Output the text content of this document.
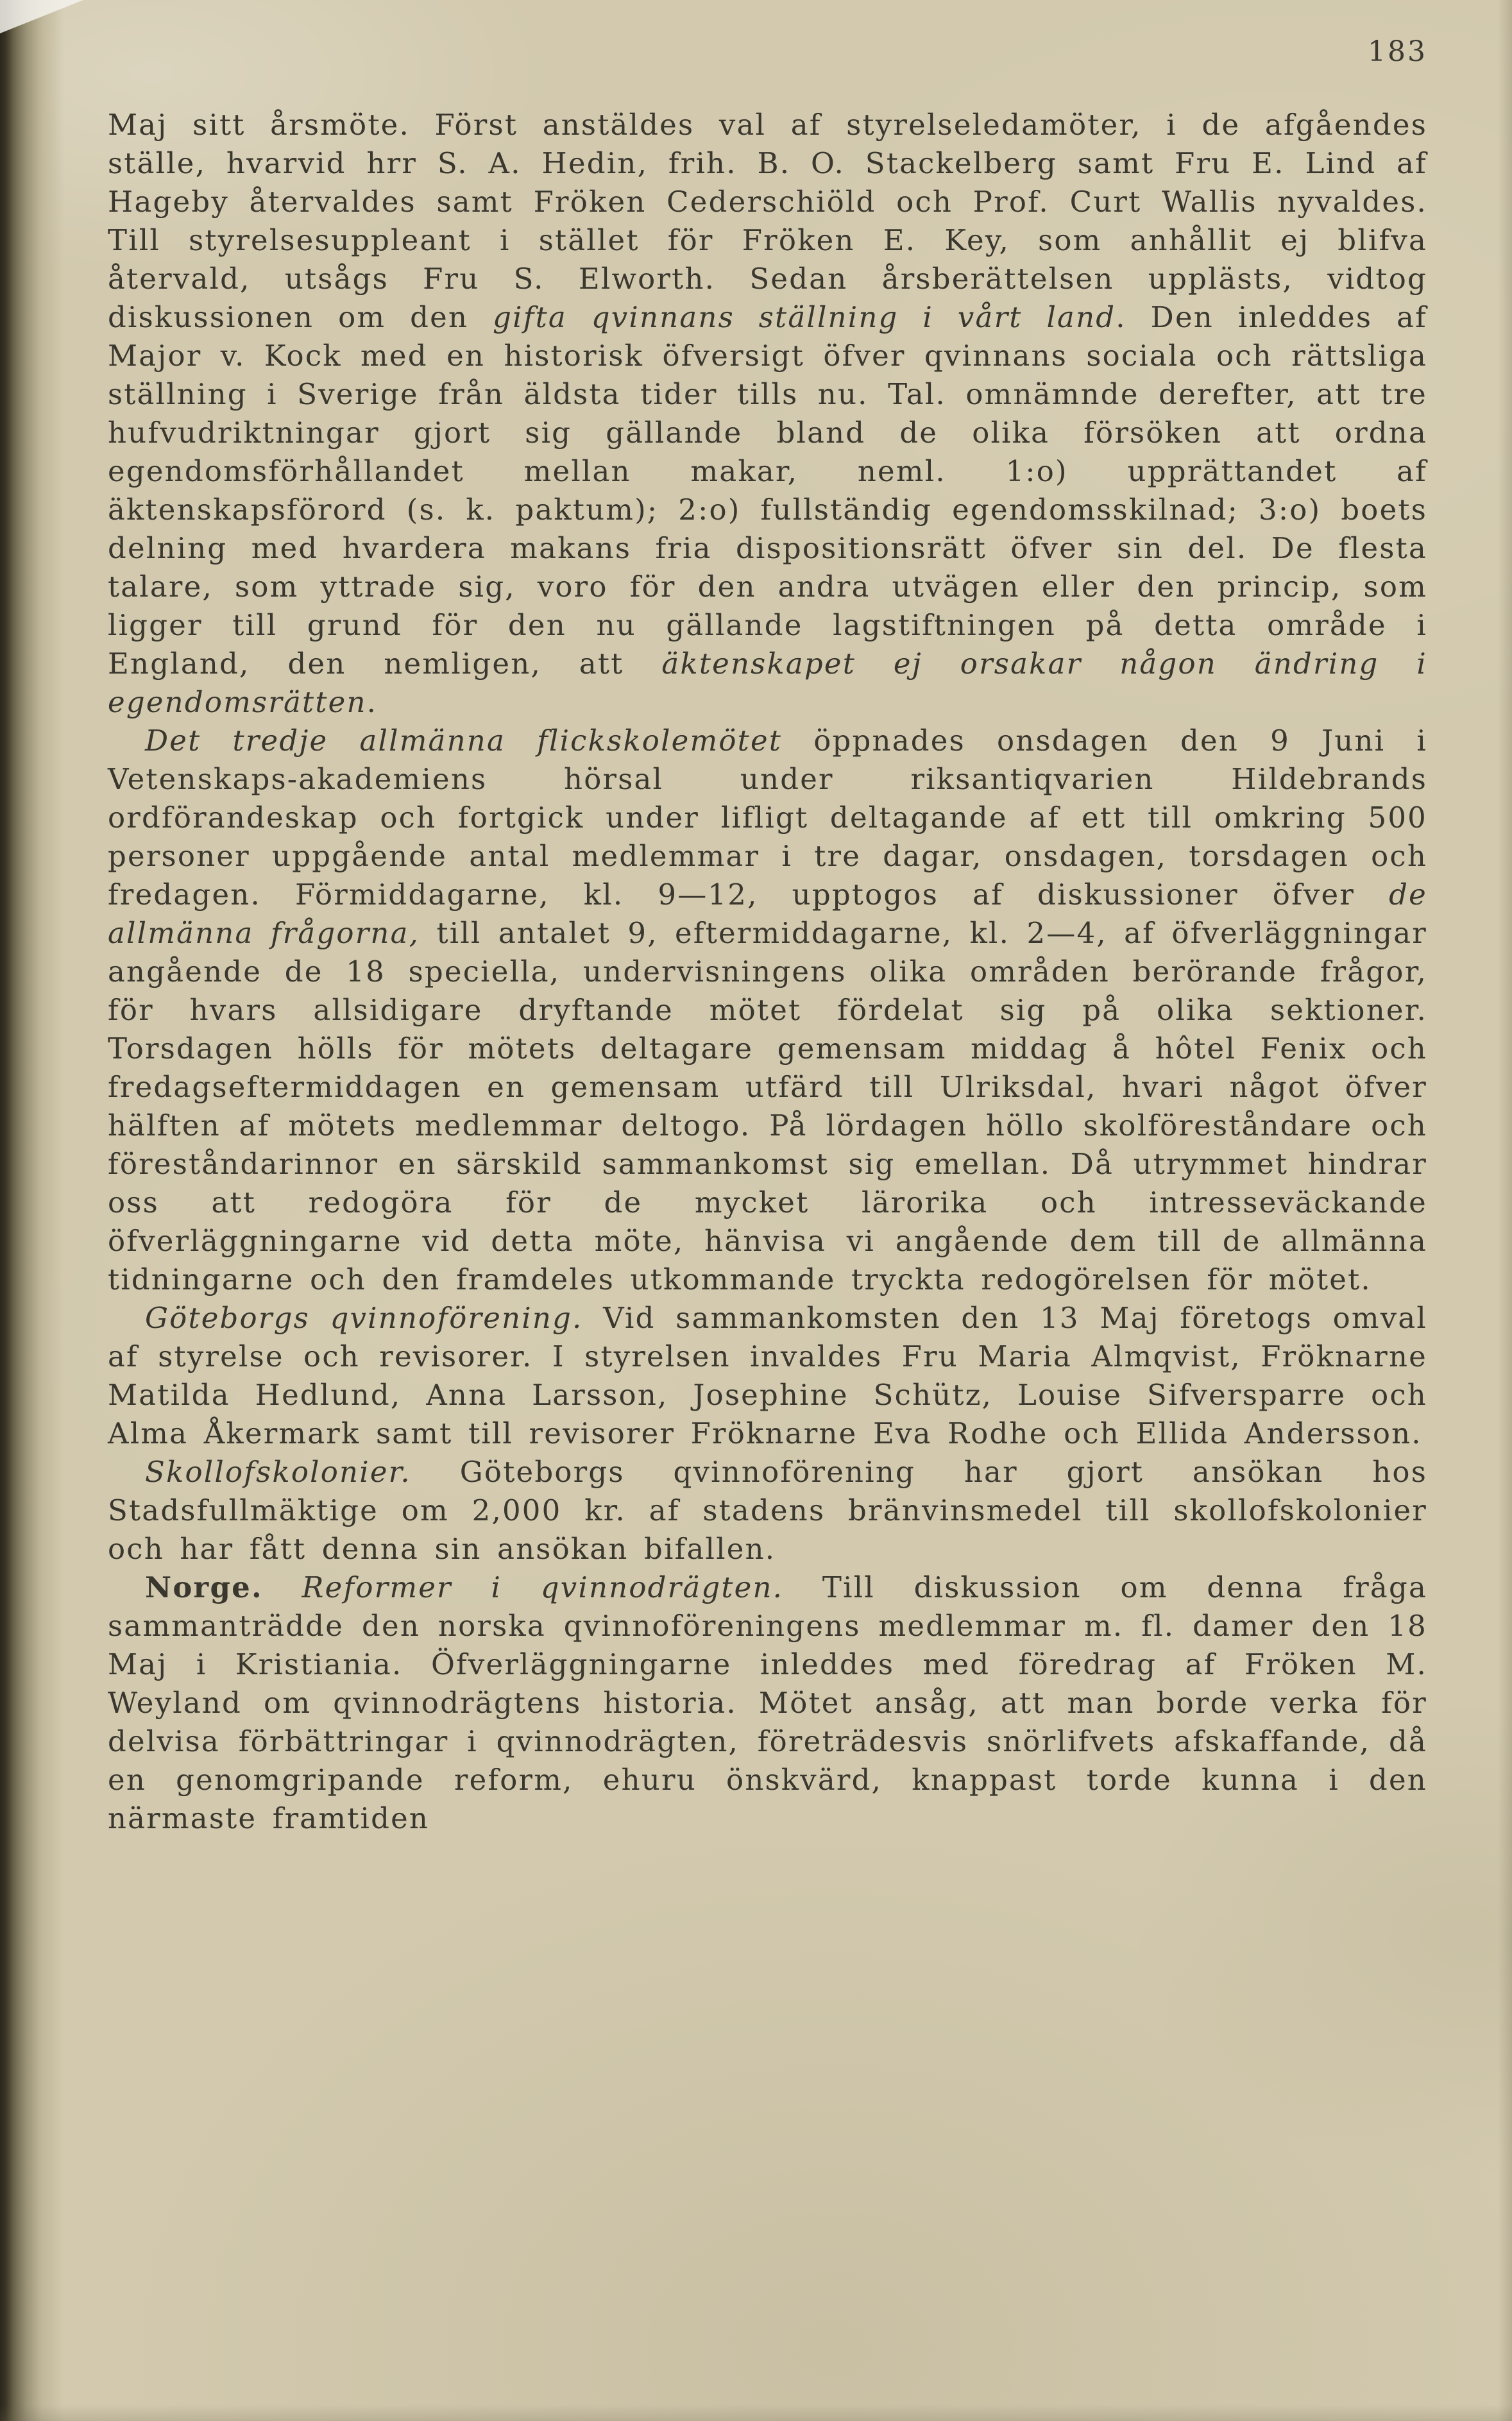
183

Maj sitt årsmöte. Först anstäldes val af styrelseledamöter, i de afgåendes ställe, hvarvid hrr S. A. Hedin, frih. B. O. Stackelberg samt Fru E. Lind af Hageby återvaldes samt Fröken Cederschiöld och Prof. Curt Wallis nyvaldes. Till styrelsesuppleant i stället för Fröken E. Key, som anhållit ej blifva återvald, utsågs Fru S. Elworth. Sedan årsberättelsen upplästs, vidtog diskussionen om den gifta qvinnans ställning i vårt land. Den inleddes af Major v. Kock med en historisk öfversigt öfver qvinnans sociala och rättsliga ställning i Sverige från äldsta tider tills nu. Tal. omnämnde derefter, att tre hufvudriktningar gjort sig gällande bland de olika försöken att ordna egendomsförhållandet mellan makar, neml. 1:o) upprättandet af äktenskapsförord (s. k. paktum); 2:o) fullständig egendomsskilnad; 3:o) boets delning med hvardera makans fria dispositionsrätt öfver sin del. De flesta talare, som yttrade sig, voro för den andra utvägen eller den princip, som ligger till grund för den nu gällande lagstiftningen på detta område i England, den nemligen, att äktenskapet ej orsakar någon ändring i egendomsrätten.

Det tredje allmänna flickskolemötet öppnades onsdagen den 9 Juni i Vetenskaps-akademiens hörsal under riksantiqvarien Hildebrands ordförandeskap och fortgick under lifligt deltagande af ett till omkring 500 personer uppgående antal medlemmar i tre dagar, onsdagen, torsdagen och fredagen. Förmiddagarne, kl. 9—12, upptogos af diskussioner öfver de allmänna frågorna, till antalet 9, eftermiddagarne, kl. 2—4, af öfverläggningar angående de 18 speciella, undervisningens olika områden berörande frågor, för hvars allsidigare dryftande mötet fördelat sig på olika sektioner. Torsdagen hölls för mötets deltagare gemensam middag å hôtel Fenix och fredagseftermiddagen en gemensam utfärd till Ulriksdal, hvari något öfver hälften af mötets medlemmar deltogo. På lördagen höllo skolföreståndare och föreståndarinnor en särskild sammankomst sig emellan. Då utrymmet hindrar oss att redogöra för de mycket lärorika och intresseväckande öfverläggningarne vid detta möte, hänvisa vi angående dem till de allmänna tidningarne och den framdeles utkommande tryckta redogörelsen för mötet.

Göteborgs qvinnoförening. Vid sammankomsten den 13 Maj företogs omval af styrelse och revisorer. I styrelsen invaldes Fru Maria Almqvist, Fröknarne Matilda Hedlund, Anna Larsson, Josephine Schütz, Louise Sifversparre och Alma Åkermark samt till revisorer Fröknarne Eva Rodhe och Ellida Andersson.

Skollofskolonier. Göteborgs qvinnoförening har gjort ansökan hos Stadsfullmäktige om 2,000 kr. af stadens bränvinsmedel till skollofskolonier och har fått denna sin ansökan bifallen.

Norge. Reformer i qvinnodrägten. Till diskussion om denna fråga sammanträdde den norska qvinnoföreningens medlemmar m. fl. damer den 18 Maj i Kristiania. Öfverläggningarne inleddes med föredrag af Fröken M. Weyland om qvinnodrägtens historia. Mötet ansåg, att man borde verka för delvisa förbättringar i qvinnodrägten, företrädesvis snörlifvets afskaffande, då en genomgripande reform, ehuru önskvärd, knappast torde kunna i den närmaste framtiden
